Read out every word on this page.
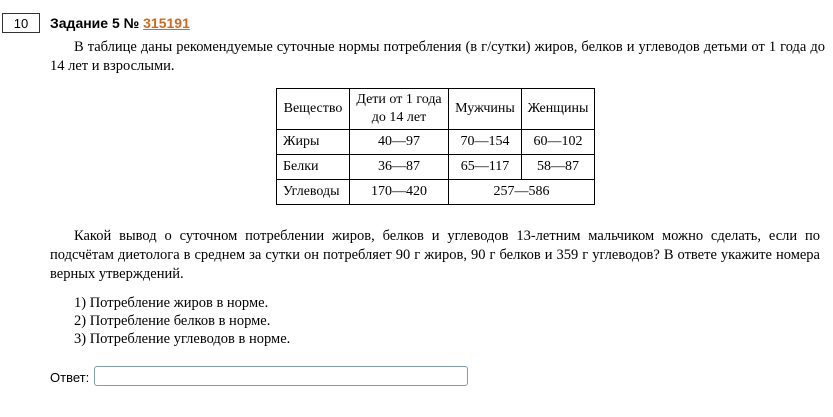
10 Задание 5 № 315191
В таблице даны рекомендуемые суточные нормы потребления (в г/сутки) жиров, белков и углеводов детьми от 1 года до 14 лет и взрослыми.
Вещество	Дети от 1 года до 14 лет	Мужчины	Женщины
Жиры	40—97	70—154	60—102
Белки	36—87	65—117	58—87
Углеводы	170—420	257—586	
Какой вывод о суточном потреблении жиров, белков и углеводов 13-летним мальчиком можно сделать, если по подсчётам диетолога в среднем за сутки он потребляет 90 г жиров, 90 г белков и 359 г углеводов? В ответе укажите номера верных утверждений.
1) Потребление жиров в норме.
2) Потребление белков в норме.
3) Потребление углеводов в норме.
Ответ:
